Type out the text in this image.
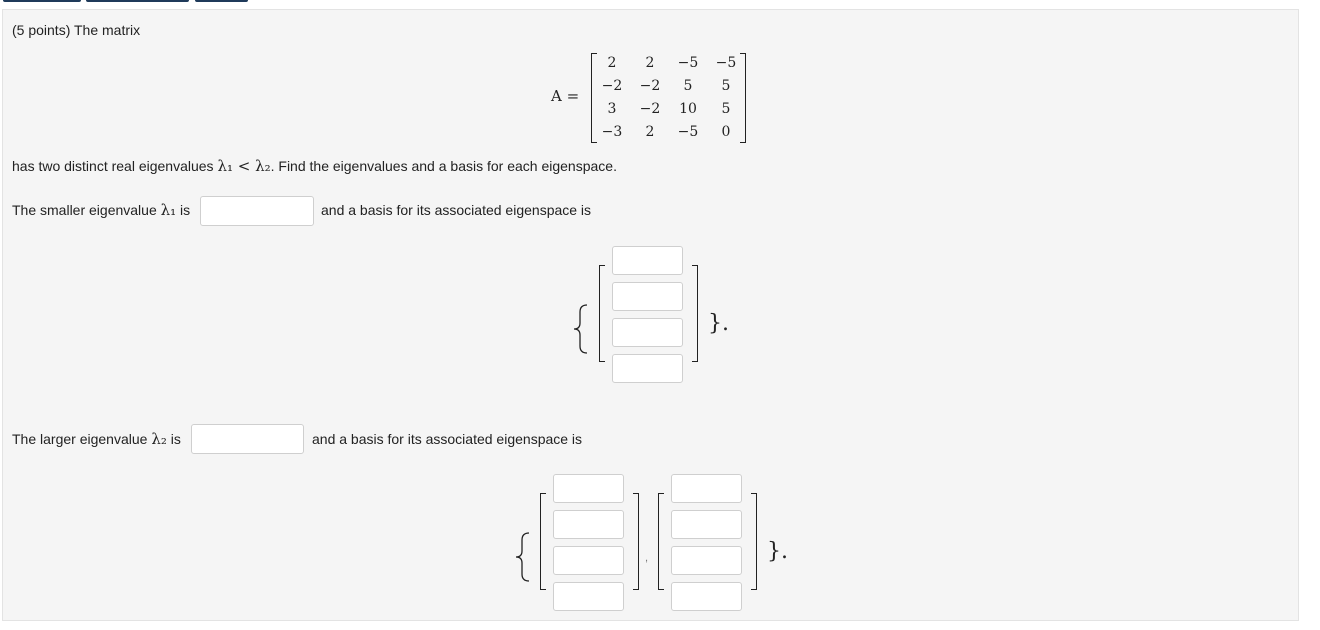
(5 points) The matrix
A =
2	2	−5	−5
−2	−2	5	5
3	−2	10	5
−3	2	−5	0
has two distinct real eigenvalues λ₁ < λ₂. Find the eigenvalues and a basis for each eigenspace.
The smaller eigenvalue λ₁ is	and a basis for its associated eigenspace is
}.
The larger eigenvalue λ₂ is	and a basis for its associated eigenspace is
,	}.
